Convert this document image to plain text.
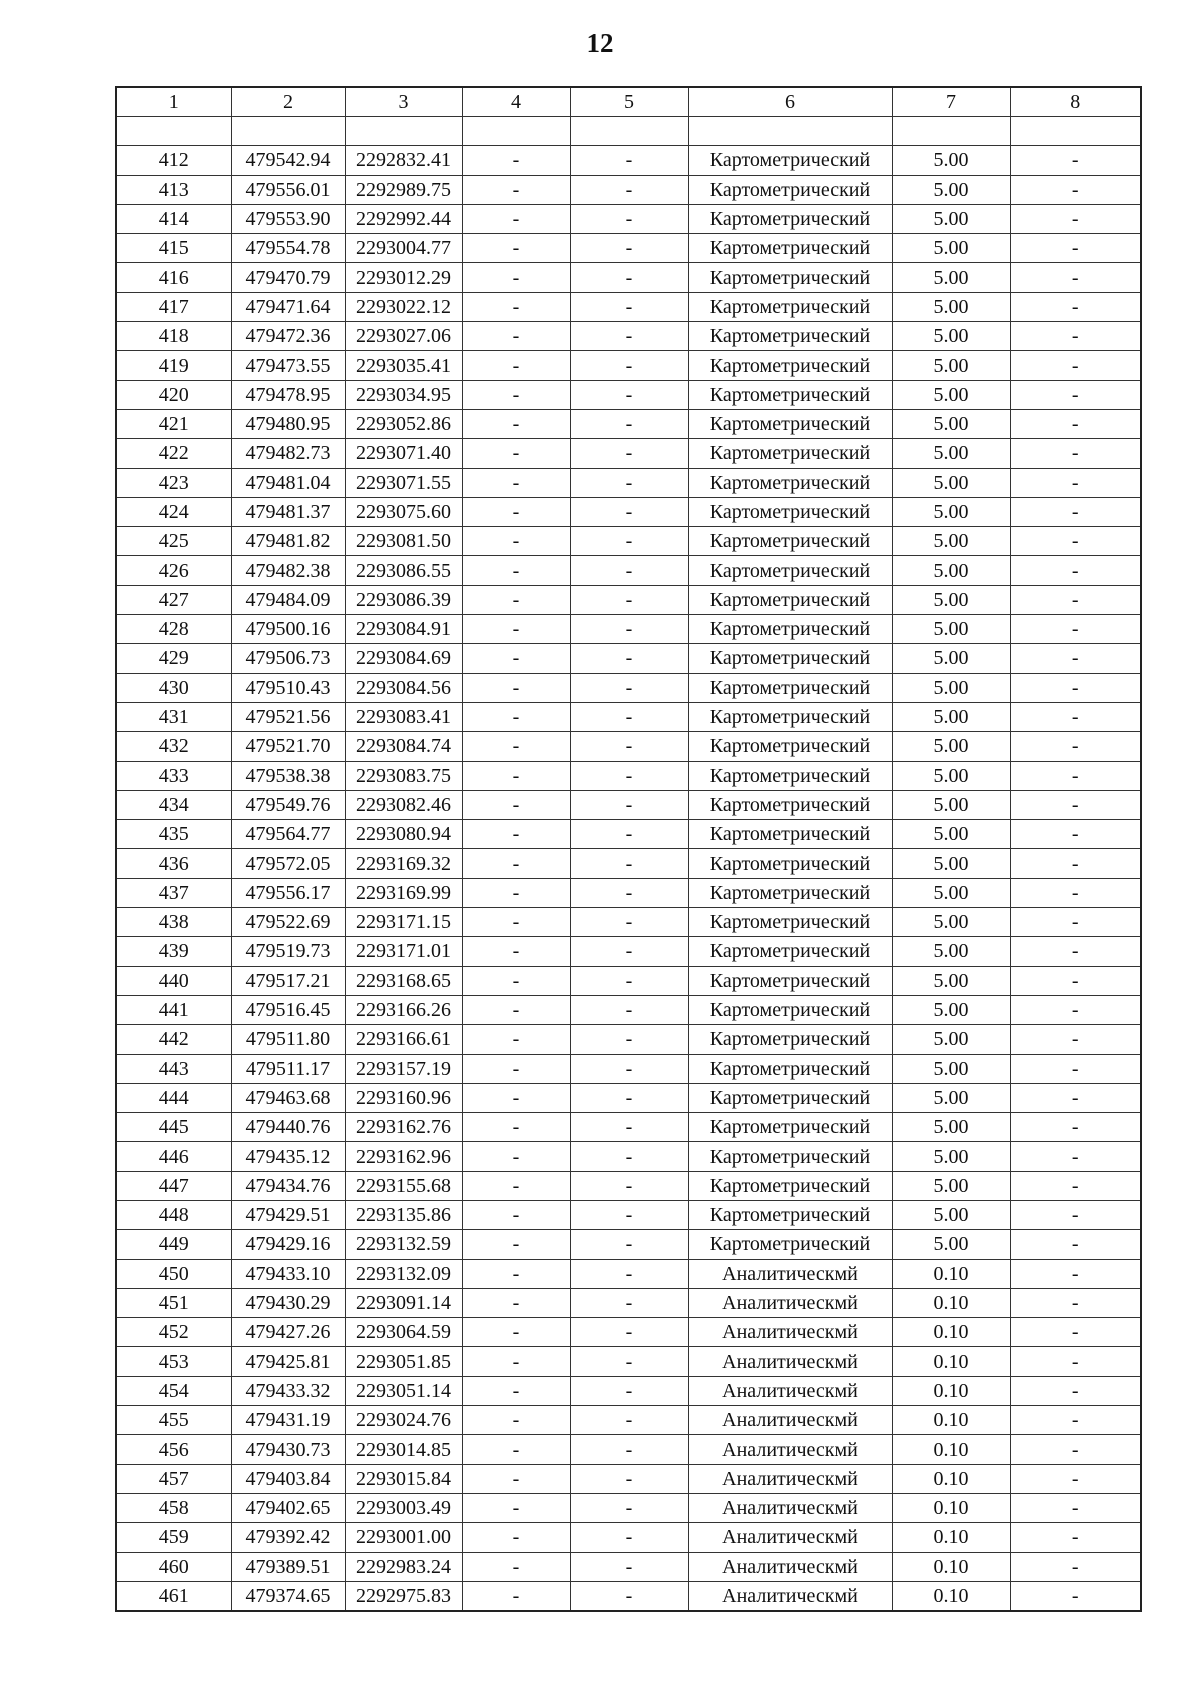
12
1	2	3	4	5	6	7	8

412	479542.94	2292832.41	-	-	Картометрический	5.00	-
413	479556.01	2292989.75	-	-	Картометрический	5.00	-
414	479553.90	2292992.44	-	-	Картометрический	5.00	-
415	479554.78	2293004.77	-	-	Картометрический	5.00	-
416	479470.79	2293012.29	-	-	Картометрический	5.00	-
417	479471.64	2293022.12	-	-	Картометрический	5.00	-
418	479472.36	2293027.06	-	-	Картометрический	5.00	-
419	479473.55	2293035.41	-	-	Картометрический	5.00	-
420	479478.95	2293034.95	-	-	Картометрический	5.00	-
421	479480.95	2293052.86	-	-	Картометрический	5.00	-
422	479482.73	2293071.40	-	-	Картометрический	5.00	-
423	479481.04	2293071.55	-	-	Картометрический	5.00	-
424	479481.37	2293075.60	-	-	Картометрический	5.00	-
425	479481.82	2293081.50	-	-	Картометрический	5.00	-
426	479482.38	2293086.55	-	-	Картометрический	5.00	-
427	479484.09	2293086.39	-	-	Картометрический	5.00	-
428	479500.16	2293084.91	-	-	Картометрический	5.00	-
429	479506.73	2293084.69	-	-	Картометрический	5.00	-
430	479510.43	2293084.56	-	-	Картометрический	5.00	-
431	479521.56	2293083.41	-	-	Картометрический	5.00	-
432	479521.70	2293084.74	-	-	Картометрический	5.00	-
433	479538.38	2293083.75	-	-	Картометрический	5.00	-
434	479549.76	2293082.46	-	-	Картометрический	5.00	-
435	479564.77	2293080.94	-	-	Картометрический	5.00	-
436	479572.05	2293169.32	-	-	Картометрический	5.00	-
437	479556.17	2293169.99	-	-	Картометрический	5.00	-
438	479522.69	2293171.15	-	-	Картометрический	5.00	-
439	479519.73	2293171.01	-	-	Картометрический	5.00	-
440	479517.21	2293168.65	-	-	Картометрический	5.00	-
441	479516.45	2293166.26	-	-	Картометрический	5.00	-
442	479511.80	2293166.61	-	-	Картометрический	5.00	-
443	479511.17	2293157.19	-	-	Картометрический	5.00	-
444	479463.68	2293160.96	-	-	Картометрический	5.00	-
445	479440.76	2293162.76	-	-	Картометрический	5.00	-
446	479435.12	2293162.96	-	-	Картометрический	5.00	-
447	479434.76	2293155.68	-	-	Картометрический	5.00	-
448	479429.51	2293135.86	-	-	Картометрический	5.00	-
449	479429.16	2293132.59	-	-	Картометрический	5.00	-
450	479433.10	2293132.09	-	-	Аналитическмй	0.10	-
451	479430.29	2293091.14	-	-	Аналитическмй	0.10	-
452	479427.26	2293064.59	-	-	Аналитическмй	0.10	-
453	479425.81	2293051.85	-	-	Аналитическмй	0.10	-
454	479433.32	2293051.14	-	-	Аналитическмй	0.10	-
455	479431.19	2293024.76	-	-	Аналитическмй	0.10	-
456	479430.73	2293014.85	-	-	Аналитическмй	0.10	-
457	479403.84	2293015.84	-	-	Аналитическмй	0.10	-
458	479402.65	2293003.49	-	-	Аналитическмй	0.10	-
459	479392.42	2293001.00	-	-	Аналитическмй	0.10	-
460	479389.51	2292983.24	-	-	Аналитическмй	0.10	-
461	479374.65	2292975.83	-	-	Аналитическмй	0.10	-
